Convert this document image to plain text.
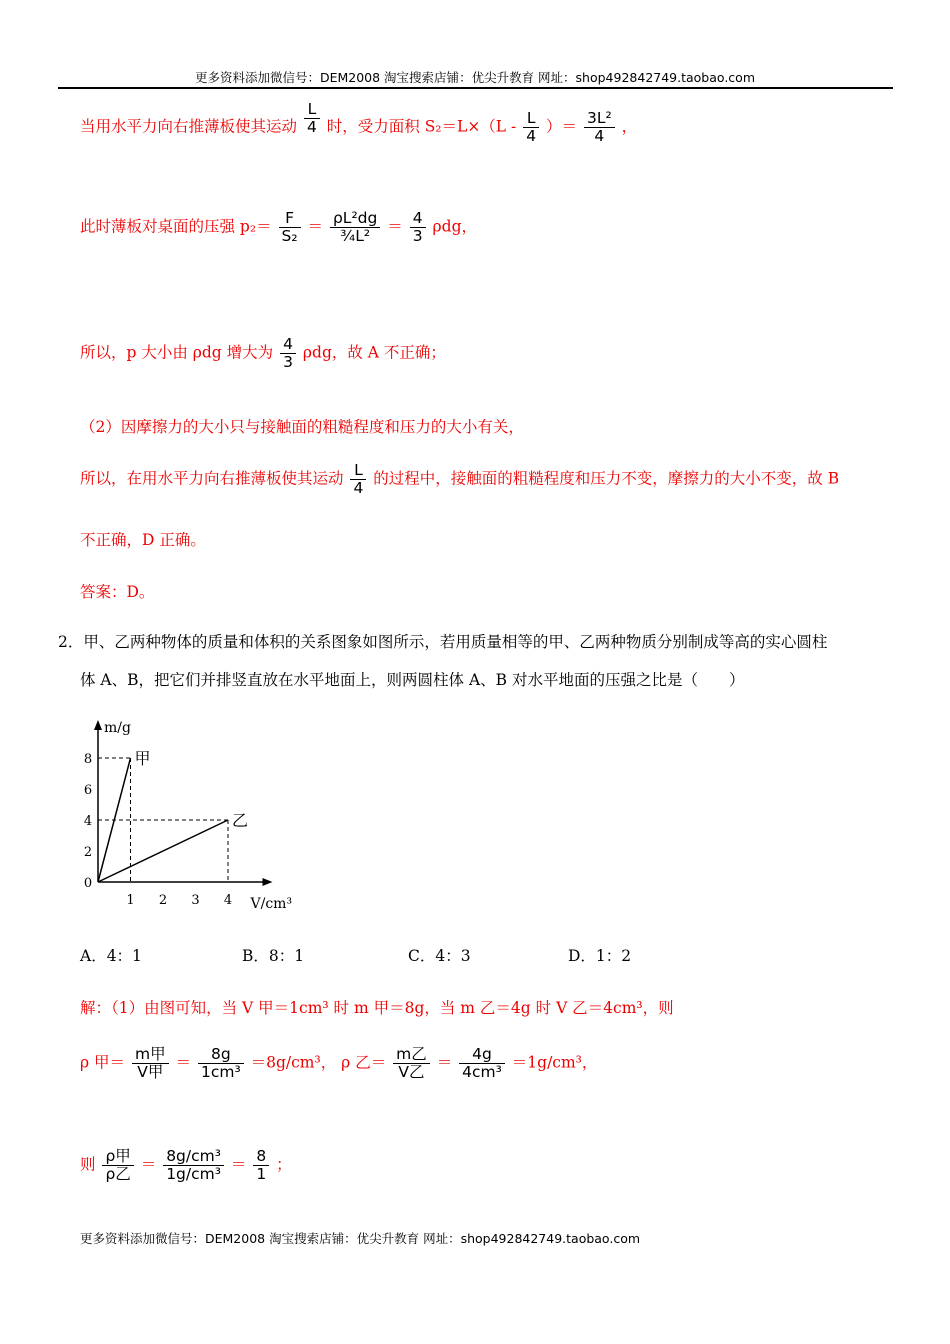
更多资料添加微信号：DEM2008 淘宝搜索店铺：优尖升教育 网址：shop492842749.taobao.com
当用水平力向右推薄板使其运动 $\frac{L}{4}$ 时，受力面积 $S_2=L\times(L - \frac{L}{4}$ ）＝ $\frac{\text{3L²}}{4}$ ，
此时薄板对桌面的压强 $p_2= \frac{F}{\text{S₂}} = \frac{\text{ρL²dg}}{\text{¾L²}} = \frac{4}{3}$ ρdg，
所以，p 大小由 ρdg 增大为 $\frac{4}{3}$ ρdg，故 A 不正确；
（2）因摩擦力的大小只与接触面的粗糙程度和压力的大小有关，
所以，在用水平力向右推薄板使其运动 $\frac{L}{4}$ 的过程中，接触面的粗糙程度和压力不变，摩擦力的大小不变，故 B
不正确，D 正确。
答案：D。
2．甲、乙两种物体的质量和体积的关系图象如图所示，若用质量相等的甲、乙两种物质分别制成等高的实心圆柱
体 A、B，把它们并排竖直放在水平地面上，则两圆柱体 A、B 对水平地面的压强之比是（　　）
m/g
V/cm³
1 2 3 4
0
2
4
6
8	甲
乙
A．4：1	B．8：1	C．4：3	D．1：2
解：（1）由图可知，当 V 甲＝1cm³ 时 m 甲＝8g，当 m 乙＝4g 时 V 乙＝4cm³，则
ρ 甲＝ $\frac{\text{m甲}}{\text{V甲}} = \frac{8g}{\text{1cm³}} =8g/cm^3$， ρ 乙＝ $\frac{\text{m乙}}{\text{V乙}} = \frac{4g}{\text{4cm³}} =1g/cm^3$，
则 $\frac{\text{ρ甲}}{\text{ρ乙}} = \frac{\text{8g/cm³}}{\text{1g/cm³}} = \frac{8}{1}$ ；
更多资料添加微信号：DEM2008 淘宝搜索店铺：优尖升教育 网址：shop492842749.taobao.com
